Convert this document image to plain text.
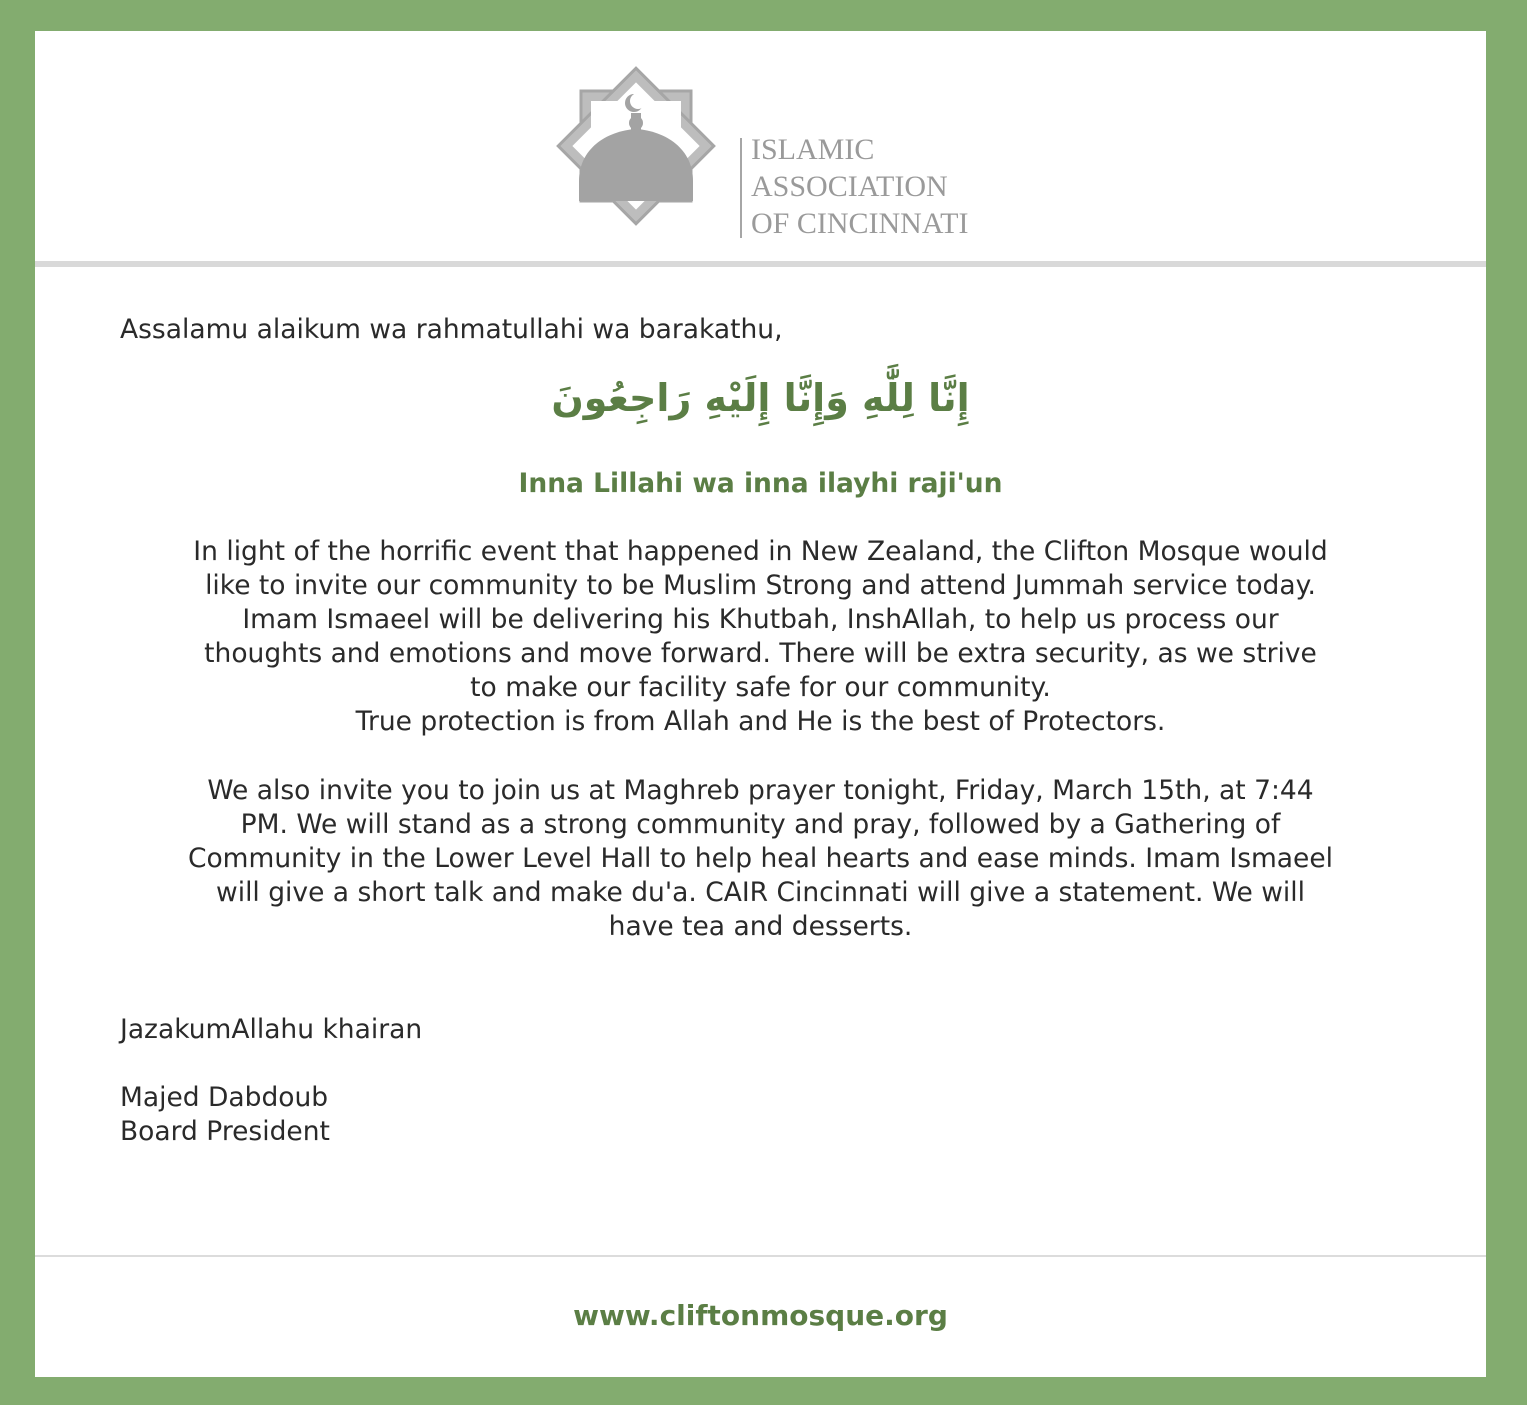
ISLAMIC
ASSOCIATION
OF CINCINNATI
Assalamu alaikum wa rahmatullahi wa barakathu,
إِنَّا لِلَّٰهِ وَإِنَّا إِلَيْهِ رَاجِعُونَ
Inna Lillahi wa inna ilayhi raji'un
In light of the horrific event that happened in New Zealand, the Clifton Mosque would
like to invite our community to be Muslim Strong and attend Jummah service today.
Imam Ismaeel will be delivering his Khutbah, InshAllah, to help us process our
thoughts and emotions and move forward. There will be extra security, as we strive
to make our facility safe for our community.
True protection is from Allah and He is the best of Protectors.
We also invite you to join us at Maghreb prayer tonight, Friday, March 15th, at 7:44
PM. We will stand as a strong community and pray, followed by a Gathering of
Community in the Lower Level Hall to help heal hearts and ease minds. Imam Ismaeel
will give a short talk and make du'a. CAIR Cincinnati will give a statement. We will
have tea and desserts.
JazakumAllahu khairan
Majed Dabdoub
Board President
www.cliftonmosque.org
